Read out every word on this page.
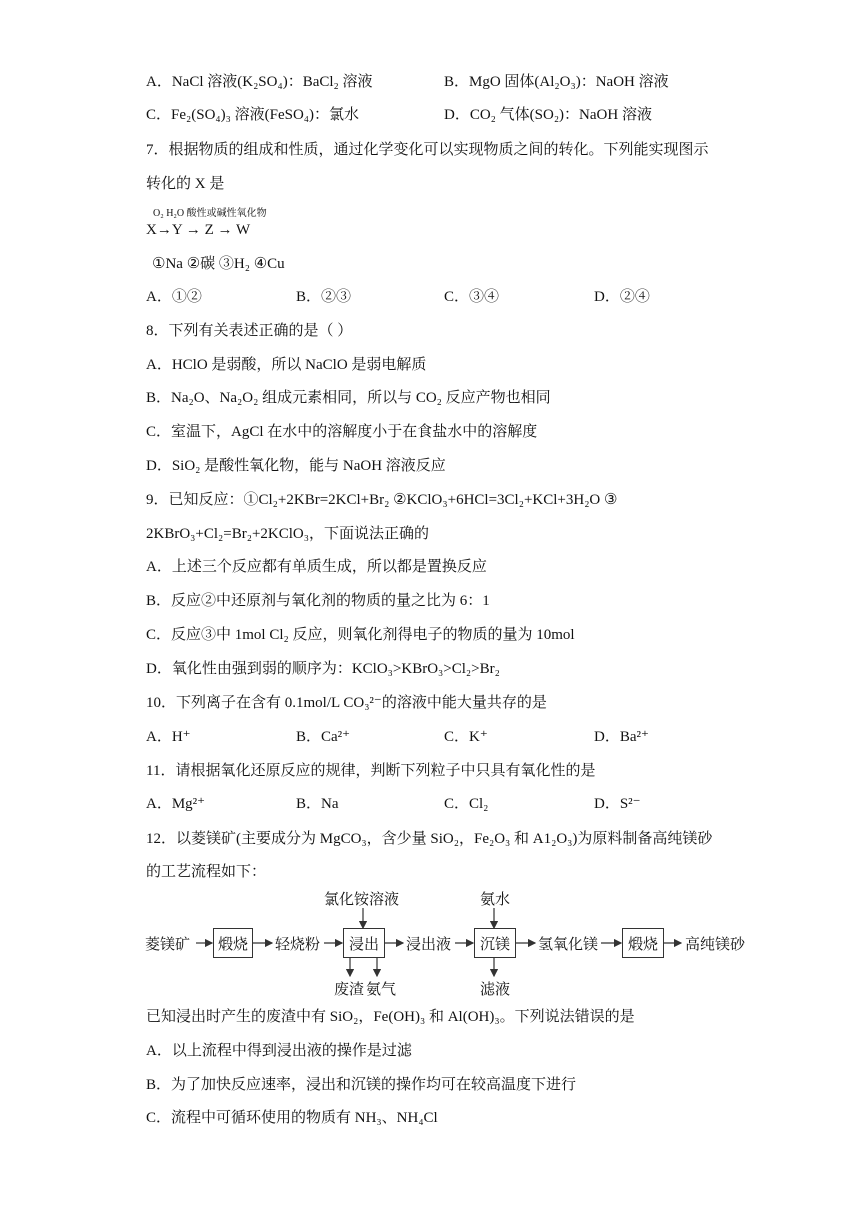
A．NaCl 溶液(K₂SO₄)：BaCl₂ 溶液	B．MgO 固体(Al₂O₃)：NaOH 溶液
C．Fe₂(SO₄)₃ 溶液(FeSO₄)：氯水	D．CO₂ 气体(SO₂)：NaOH 溶液
7．根据物质的组成和性质，通过化学变化可以实现物质之间的转化。下列能实现图示
转化的 X 是
O₂ H₂O 酸性或碱性氧化物
X→Y → Z → W
①Na ②碳 ③H₂ ④Cu
A．①②	B．②③	C．③④	D．②④
8．下列有关表述正确的是（ ）
A．HClO 是弱酸，所以 NaClO 是弱电解质
B．Na₂O、Na₂O₂ 组成元素相同，所以与 CO₂ 反应产物也相同
C．室温下，AgCl 在水中的溶解度小于在食盐水中的溶解度
D．SiO₂ 是酸性氧化物，能与 NaOH 溶液反应
9．已知反应：①Cl₂+2KBr=2KCl+Br₂ ②KClO₃+6HCl=3Cl₂+KCl+3H₂O ③
2KBrO₃+Cl₂=Br₂+2KClO₃，下面说法正确的
A．上述三个反应都有单质生成，所以都是置换反应
B．反应②中还原剂与氧化剂的物质的量之比为 6：1
C．反应③中 1mol Cl₂ 反应，则氧化剂得电子的物质的量为 10mol
D．氧化性由强到弱的顺序为：KClO₃>KBrO₃>Cl₂>Br₂
10．下列离子在含有 0.1mol/L CO₃²⁻的溶液中能大量共存的是
A．H⁺	B．Ca²⁺	C．K⁺	D．Ba²⁺
11．请根据氧化还原反应的规律，判断下列粒子中只具有氧化性的是
A．Mg²⁺	B．Na	C．Cl₂	D．S²⁻
12．以菱镁矿(主要成分为 MgCO₃，含少量 SiO₂，Fe₂O₃ 和 A1₂O₃)为原料制备高纯镁砂
的工艺流程如下：
菱镁矿	煅烧	轻烧粉	浸出	浸出液	沉镁	氢氧化镁	煅烧	高纯镁砂
氯化铵溶液	氨水
废渣 氨气	滤液
已知浸出时产生的废渣中有 SiO₂，Fe(OH)₃ 和 Al(OH)₃。下列说法错误的是
A．以上流程中得到浸出液的操作是过滤
B．为了加快反应速率，浸出和沉镁的操作均可在较高温度下进行
C．流程中可循环使用的物质有 NH₃、NH₄Cl
